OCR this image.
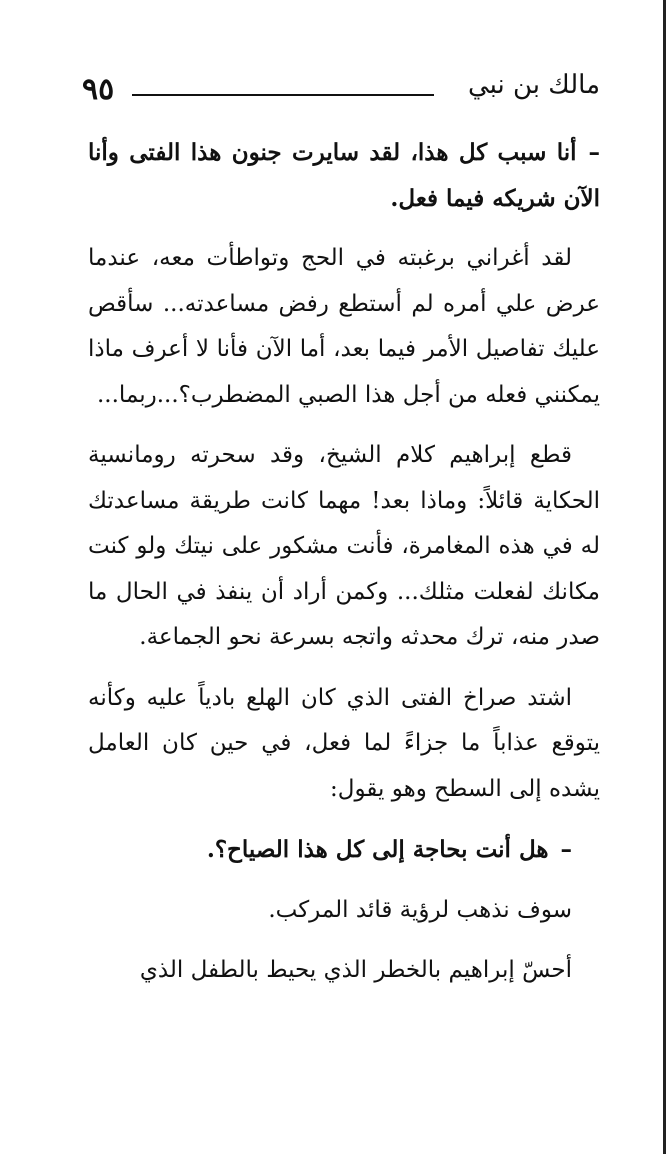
٩٥	مالك بن نبي

–أنا سبب كل هذا، لقد سايرت جنون هذا الفتى وأنا الآن شريكه فيما فعل.

لقد أغراني برغبته في الحج وتواطأت معه، عندما عرض علي أمره لم أستطع رفض مساعدته... سأقص عليك تفاصيل الأمر فيما بعد، أما الآن فأنا لا أعرف ماذا يمكنني فعله من أجل هذا الصبي المضطرب؟...ربما...

قطع إبراهيم كلام الشيخ، وقد سحرته رومانسية الحكاية قائلاً: وماذا بعد! مهما كانت طريقة مساعدتك له في هذه المغامرة، فأنت مشكور على نيتك ولو كنت مكانك لفعلت مثلك... وكمن أراد أن ينفذ في الحال ما صدر منه، ترك محدثه واتجه بسرعة نحو الجماعة.

اشتد صراخ الفتى الذي كان الهلع بادياً عليه وكأنه يتوقع عذاباً ما جزاءً لما فعل، في حين كان العامل يشده إلى السطح وهو يقول:

–هل أنت بحاجة إلى كل هذا الصياح؟.

سوف نذهب لرؤية قائد المركب.

أحسّ إبراهيم بالخطر الذي يحيط بالطفل الذي
